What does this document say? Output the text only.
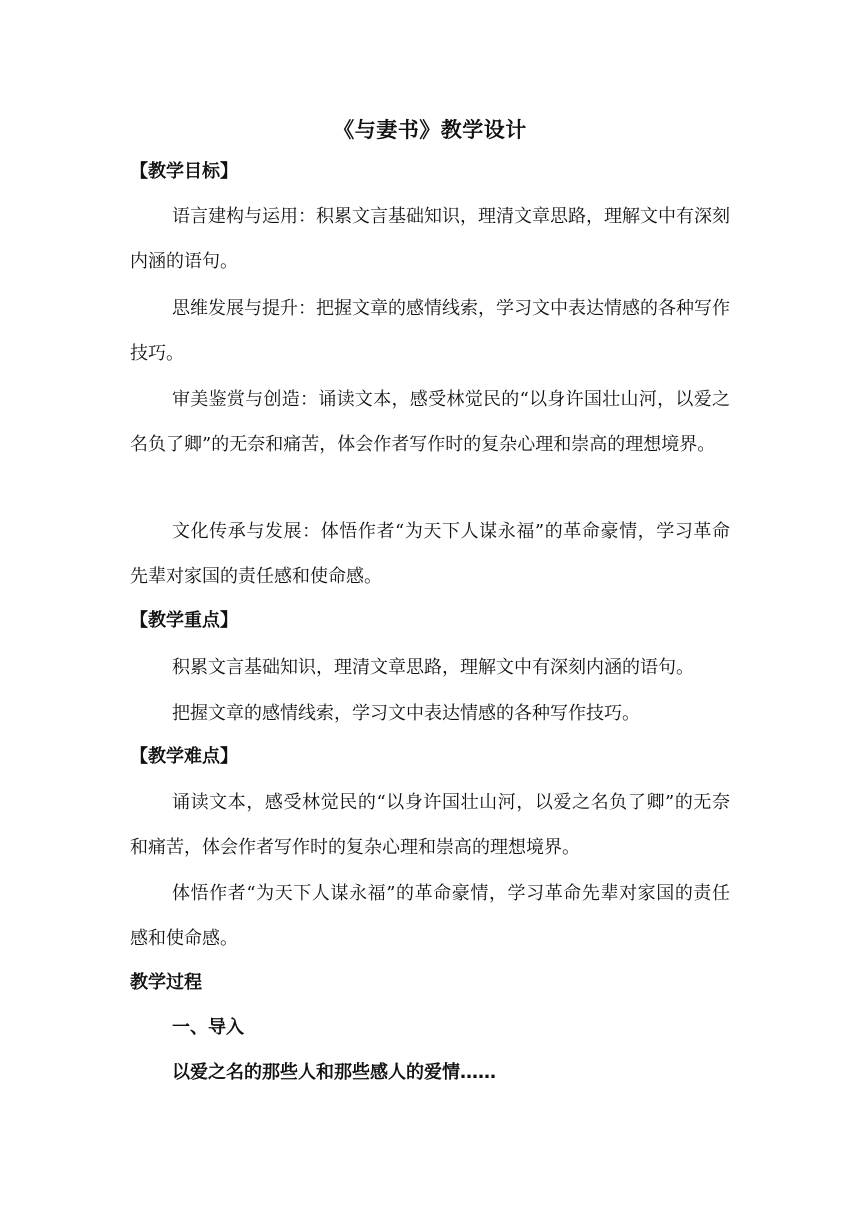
《与妻书》教学设计
【教学目标】

语言建构与运用：积累文言基础知识，理清文章思路，理解文中有深刻内涵的语句。

思维发展与提升：把握文章的感情线索，学习文中表达情感的各种写作技巧。

审美鉴赏与创造：诵读文本，感受林觉民的“以身许国壮山河，以爱之名负了卿”的无奈和痛苦，体会作者写作时的复杂心理和崇高的理想境界。

文化传承与发展：体悟作者“为天下人谋永福”的革命豪情，学习革命先辈对家国的责任感和使命感。

【教学重点】

积累文言基础知识，理清文章思路，理解文中有深刻内涵的语句。

把握文章的感情线索，学习文中表达情感的各种写作技巧。

【教学难点】

诵读文本，感受林觉民的“以身许国壮山河，以爱之名负了卿”的无奈和痛苦，体会作者写作时的复杂心理和崇高的理想境界。

体悟作者“为天下人谋永福”的革命豪情，学习革命先辈对家国的责任感和使命感。

教学过程
一、导入
以爱之名的那些人和那些感人的爱情……
